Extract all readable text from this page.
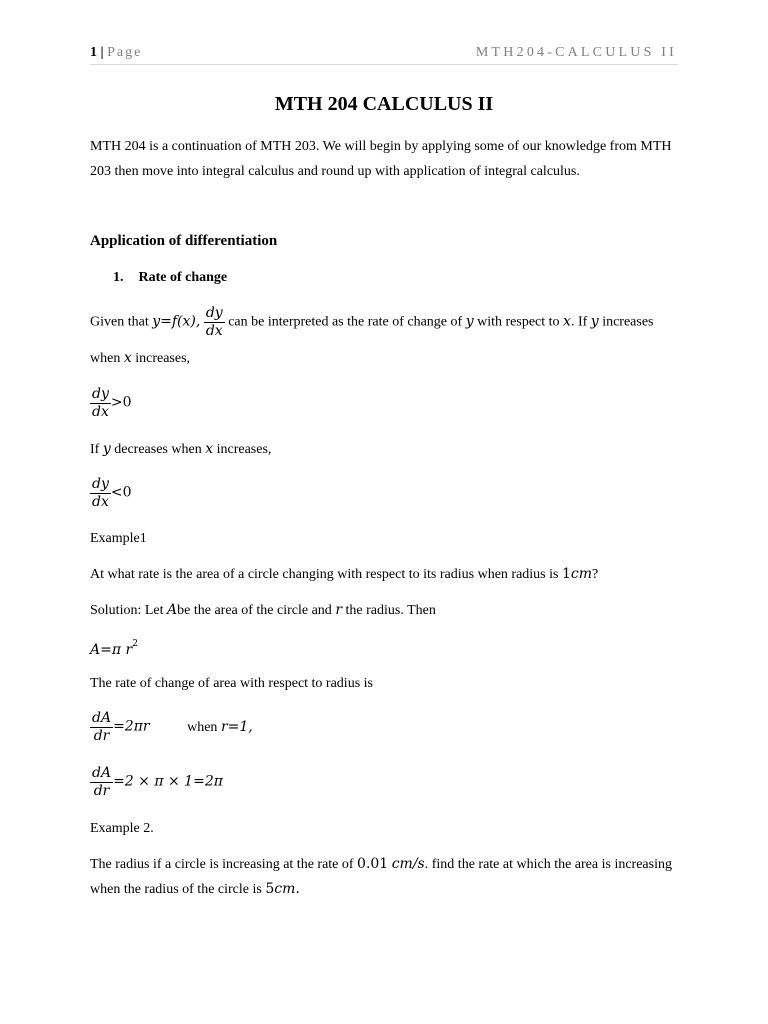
1 | Page	MTH204-CALCULUS II
MTH 204 CALCULUS II
MTH 204 is a continuation of MTH 203. We will begin by applying some of our knowledge from MTH 203 then move into integral calculus and round up with application of integral calculus.
Application of differentiation
1. Rate of change
Given that y=f(x), $\frac{dy}{dx}$ can be interpreted as the rate of change of y with respect to x. If y increases
when x increases,
$\frac{dy}{dx} >0$
If y decreases when x increases,
$\frac{dy}{dx} <0$
Example1
At what rate is the area of a circle changing with respect to its radius when radius is 1cm?
Solution: Let Abe the area of the circle and r the radius. Then
A=π $r^2$
The rate of change of area with respect to radius is
$\frac{dA}{dr} =2\pi r$	when r=1,
$\frac{dA}{dr} =2 \times \pi \times 1=2\pi$
Example 2.
The radius if a circle is increasing at the rate of 0.01 cm/s. find the rate at which the area is increasing
when the radius of the circle is 5cm.
